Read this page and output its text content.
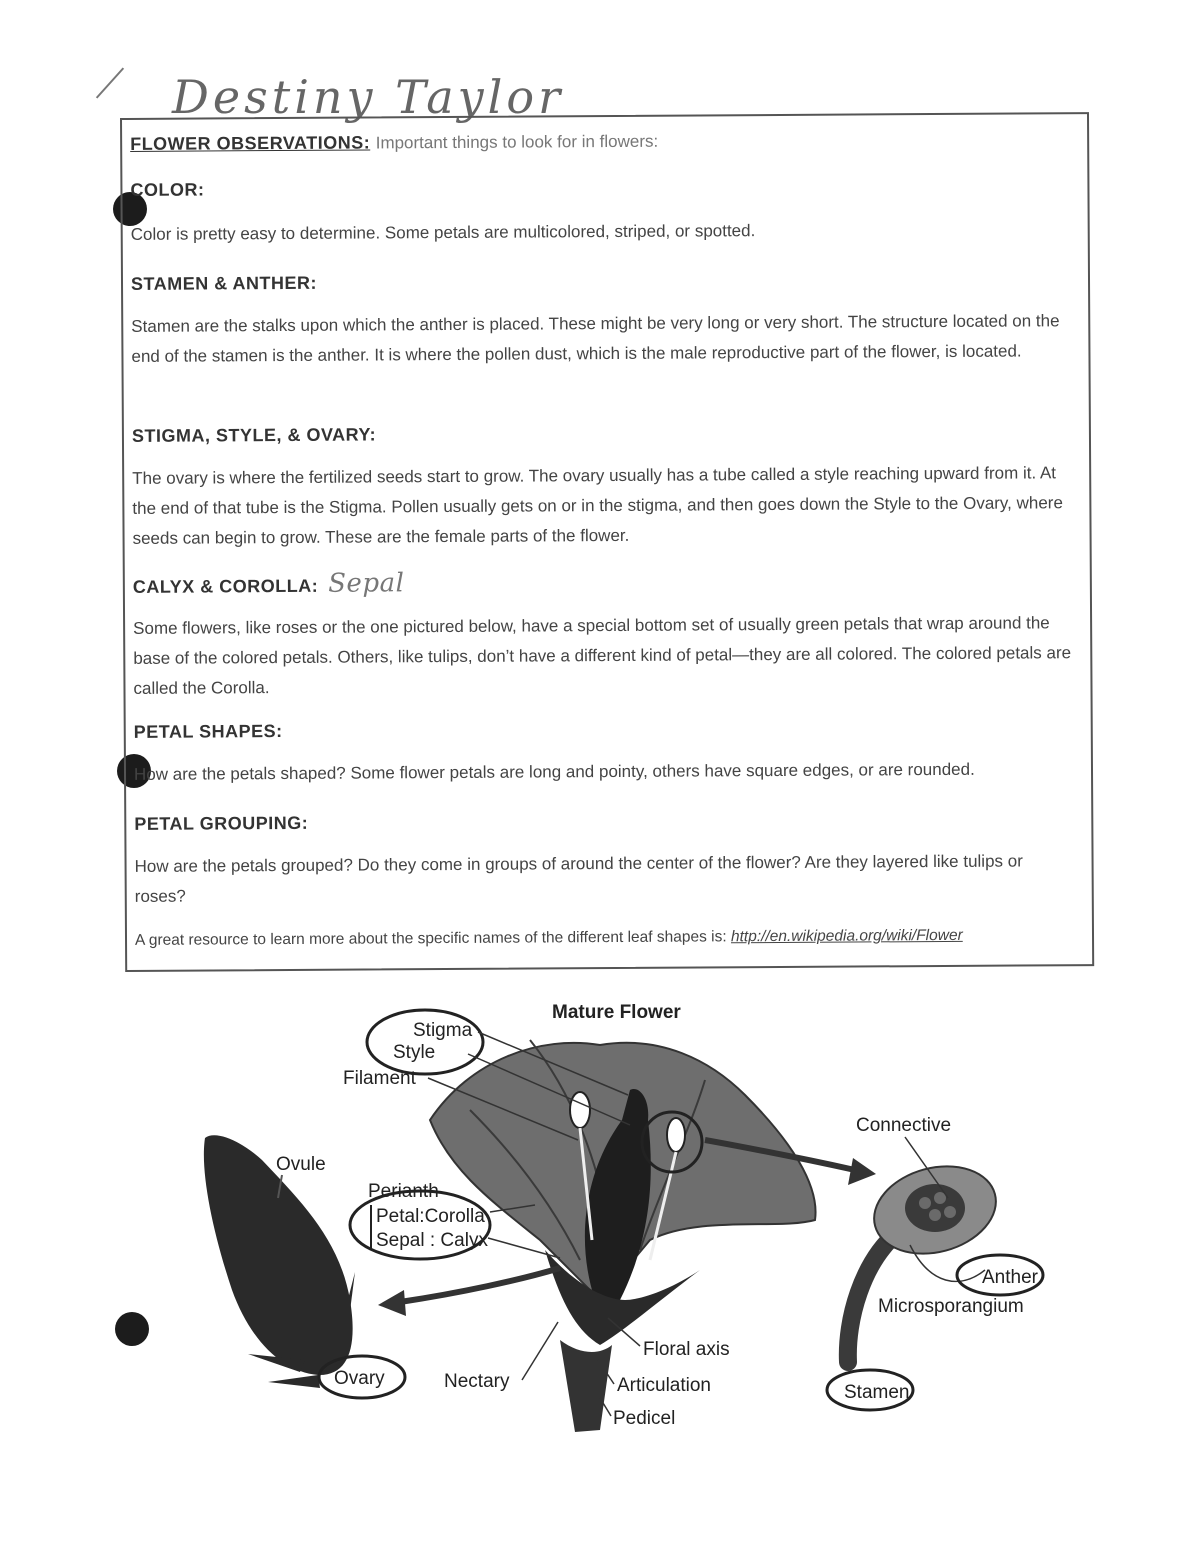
Destiny Taylor
FLOWER OBSERVATIONS: Important things to look for in flowers:
COLOR:
Color is pretty easy to determine. Some petals are multicolored, striped, or spotted.
STAMEN & ANTHER:
Stamen are the stalks upon which the anther is placed. These might be very long or very short. The structure located on the end of the stamen is the anther. It is where the pollen dust, which is the male reproductive part of the flower, is located.
STIGMA, STYLE, & OVARY:
The ovary is where the fertilized seeds start to grow. The ovary usually has a tube called a style reaching upward from it. At the end of that tube is the Stigma. Pollen usually gets on or in the stigma, and then goes down the Style to the Ovary, where seeds can begin to grow. These are the female parts of the flower.
CALYX & COROLLA: Sepal
Some flowers, like roses or the one pictured below, have a special bottom set of usually green petals that wrap around the base of the colored petals. Others, like tulips, don’t have a different kind of petal—they are all colored. The colored petals are called the Corolla.
PETAL SHAPES:
How are the petals shaped? Some flower petals are long and pointy, others have square edges, or are rounded.
PETAL GROUPING:
How are the petals grouped? Do they come in groups of around the center of the flower? Are they layered like tulips or roses?
A great resource to learn more about the specific names of the different leaf shapes is: http://en.wikipedia.org/wiki/Flower
Mature Flower
Ovule
Connective
Microsporangium
Anther
Stamen
Stigma
Style
Filament
Perianth
Petal:Corolla
Sepal : Calyx
Ovary	Nectary
Floral axis
Articulation
Pedicel
